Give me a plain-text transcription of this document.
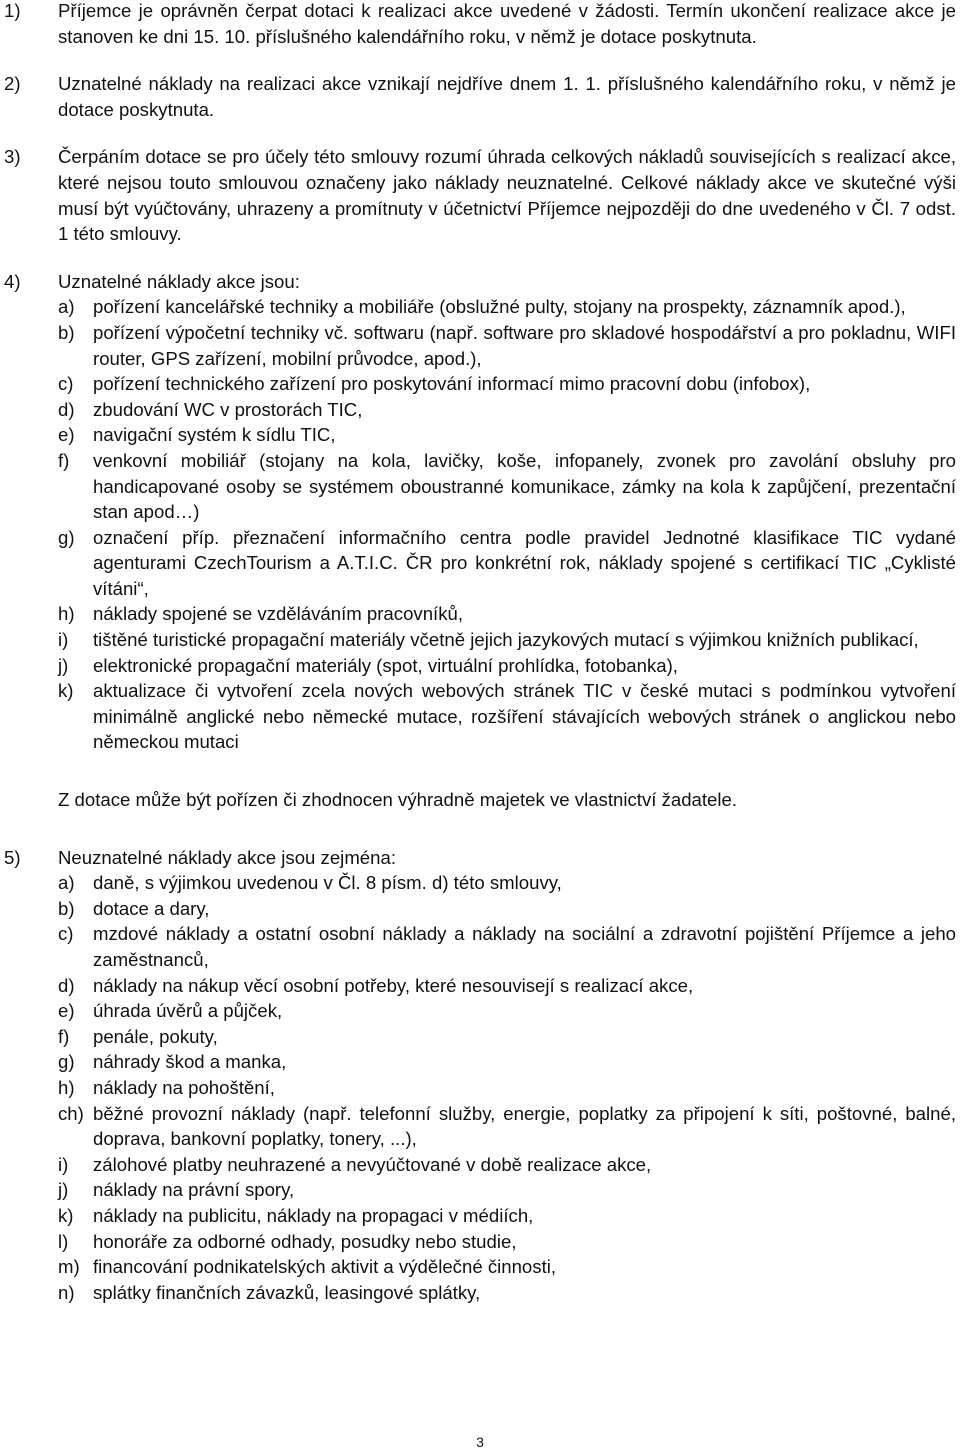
1) Příjemce je oprávněn čerpat dotaci k realizaci akce uvedené v žádosti. Termín ukončení realizace akce je stanoven ke dni 15. 10. příslušného kalendářního roku, v němž je dotace poskytnuta.

2) Uznatelné náklady na realizaci akce vznikají nejdříve dnem 1. 1. příslušného kalendářního roku, v němž je dotace poskytnuta.

3) Čerpáním dotace se pro účely této smlouvy rozumí úhrada celkových nákladů souvisejících s realizací akce, které nejsou touto smlouvou označeny jako náklady neuznatelné. Celkové náklady akce ve skutečné výši musí být vyúčtovány, uhrazeny a promítnuty v účetnictví Příjemce nejpozději do dne uvedeného v Čl. 7 odst. 1 této smlouvy.

4) Uznatelné náklady akce jsou:

a) pořízení kancelářské techniky a mobiliáře (obslužné pulty, stojany na prospekty, záznamník apod.),

b) pořízení výpočetní techniky vč. softwaru (např. software pro skladové hospodářství a pro pokladnu, WIFI router, GPS zařízení, mobilní průvodce, apod.),

c) pořízení technického zařízení pro poskytování informací mimo pracovní dobu (infobox),

d) zbudování WC v prostorách TIC,

e) navigační systém k sídlu TIC,

f) venkovní mobiliář (stojany na kola, lavičky, koše, infopanely, zvonek pro zavolání obsluhy pro handicapované osoby se systémem oboustranné komunikace, zámky na kola k zapůjčení, prezentační stan apod…)

g) označení příp. přeznačení informačního centra podle pravidel Jednotné klasifikace TIC vydané agenturami CzechTourism a A.T.I.C. ČR pro konkrétní rok, náklady spojené s certifikací TIC „Cyklisté vítáni“,

h) náklady spojené se vzděláváním pracovníků,

i) tištěné turistické propagační materiály včetně jejich jazykových mutací s výjimkou knižních publikací,

j) elektronické propagační materiály (spot, virtuální prohlídka, fotobanka),

k) aktualizace či vytvoření zcela nových webových stránek TIC v české mutaci s podmínkou vytvoření minimálně anglické nebo německé mutace, rozšíření stávajících webových stránek o anglickou nebo německou mutaci

Z dotace může být pořízen či zhodnocen výhradně majetek ve vlastnictví žadatele.

5) Neuznatelné náklady akce jsou zejména:

a) daně, s výjimkou uvedenou v Čl. 8 písm. d) této smlouvy,

b) dotace a dary,

c) mzdové náklady a ostatní osobní náklady a náklady na sociální a zdravotní pojištění Příjemce a jeho zaměstnanců,

d) náklady na nákup věcí osobní potřeby, které nesouvisejí s realizací akce,

e) úhrada úvěrů a půjček,

f) penále, pokuty,

g) náhrady škod a manka,

h) náklady na pohoštění,

ch) běžné provozní náklady (např. telefonní služby, energie, poplatky za připojení k síti, poštovné, balné, doprava, bankovní poplatky, tonery, ...),

i) zálohové platby neuhrazené a nevyúčtované v době realizace akce,

j) náklady na právní spory,

k) náklady na publicitu, náklady na propagaci v médiích,

l) honoráře za odborné odhady, posudky nebo studie,

m) financování podnikatelských aktivit a výdělečné činnosti,

n) splátky finančních závazků, leasingové splátky,

3
